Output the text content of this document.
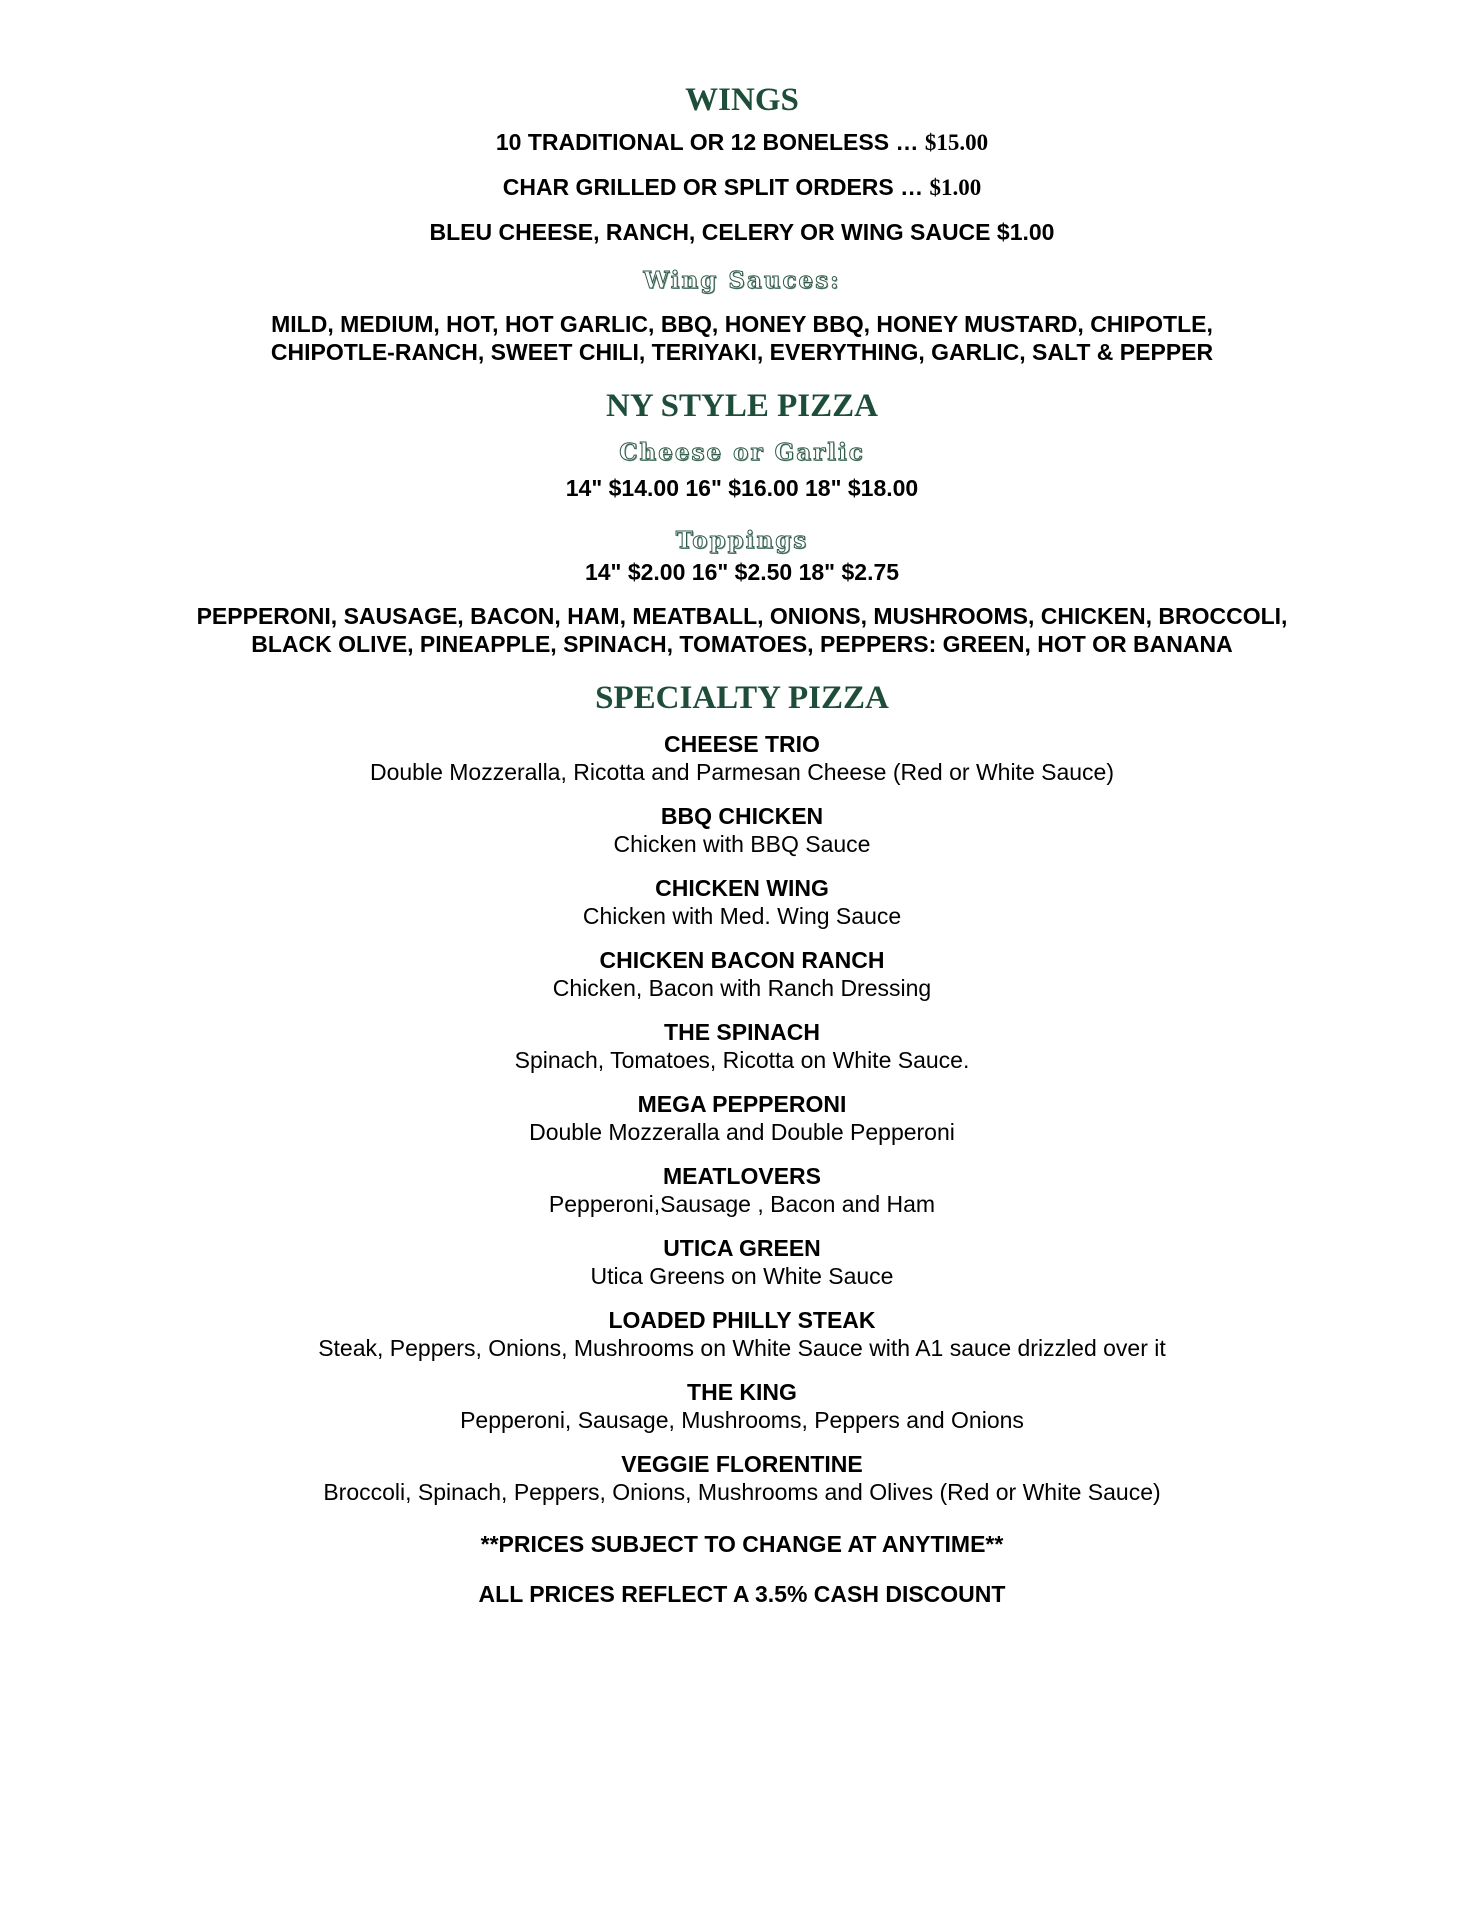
WINGS

10 TRADITIONAL OR 12 BONELESS … $15.00

CHAR GRILLED OR SPLIT ORDERS … $1.00

BLEU CHEESE, RANCH, CELERY OR WING SAUCE $1.00

Wing Sauces:

MILD, MEDIUM, HOT, HOT GARLIC, BBQ, HONEY BBQ, HONEY MUSTARD, CHIPOTLE,

CHIPOTLE-RANCH, SWEET CHILI, TERIYAKI, EVERYTHING, GARLIC, SALT & PEPPER

NY STYLE PIZZA

Cheese or Garlic

14" $14.00 16" $16.00 18" $18.00

Toppings

14" $2.00 16" $2.50 18" $2.75

PEPPERONI, SAUSAGE, BACON, HAM, MEATBALL, ONIONS, MUSHROOMS, CHICKEN, BROCCOLI,

BLACK OLIVE, PINEAPPLE, SPINACH, TOMATOES, PEPPERS: GREEN, HOT OR BANANA

SPECIALTY PIZZA

CHEESE TRIO

Double Mozzeralla, Ricotta and Parmesan Cheese (Red or White Sauce)

BBQ CHICKEN

Chicken with BBQ Sauce

CHICKEN WING

Chicken with Med. Wing Sauce

CHICKEN BACON RANCH

Chicken, Bacon with Ranch Dressing

THE SPINACH

Spinach, Tomatoes, Ricotta on White Sauce.

MEGA PEPPERONI

Double Mozzeralla and Double Pepperoni

MEATLOVERS

Pepperoni,Sausage , Bacon and Ham

UTICA GREEN

Utica Greens on White Sauce

LOADED PHILLY STEAK

Steak, Peppers, Onions, Mushrooms on White Sauce with A1 sauce drizzled over it

THE KING

Pepperoni, Sausage, Mushrooms, Peppers and Onions

VEGGIE FLORENTINE

Broccoli, Spinach, Peppers, Onions, Mushrooms and Olives (Red or White Sauce)

**PRICES SUBJECT TO CHANGE AT ANYTIME**

ALL PRICES REFLECT A 3.5% CASH DISCOUNT
